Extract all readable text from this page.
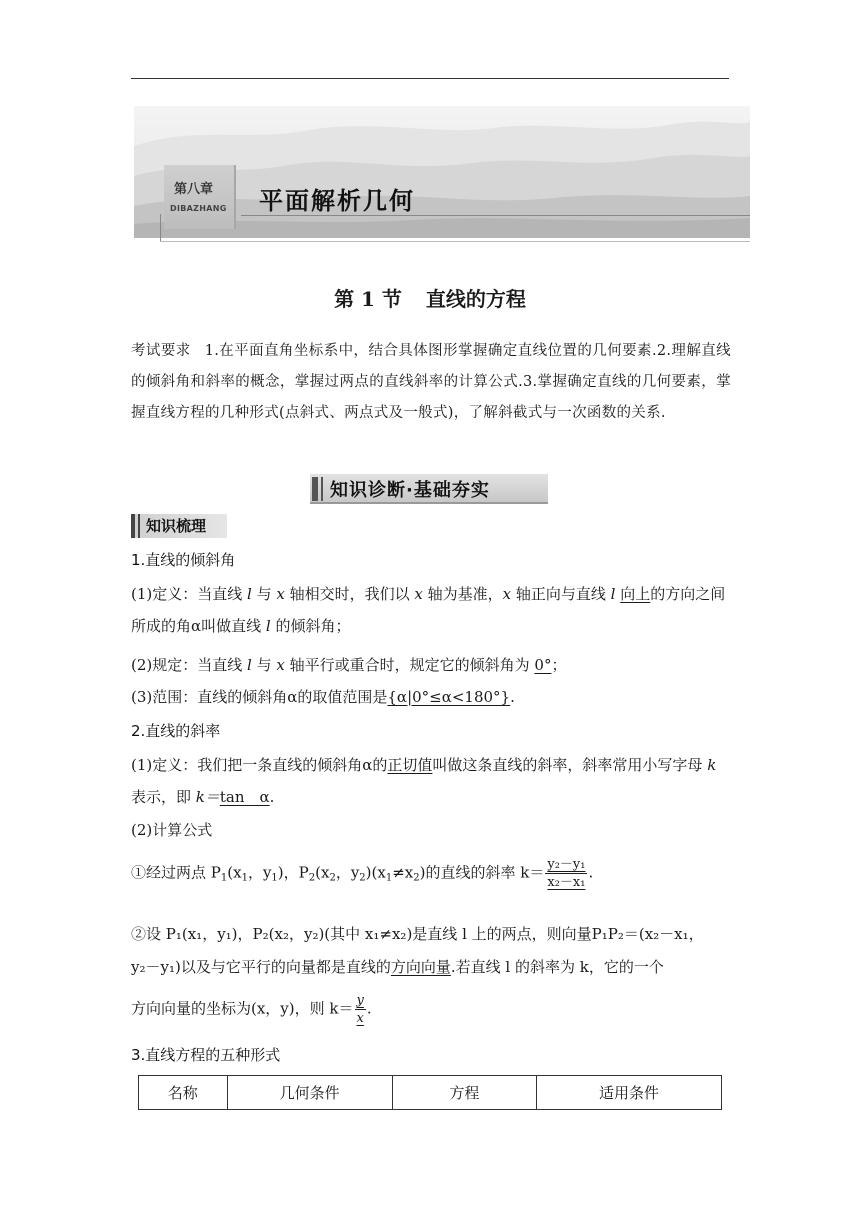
第八章
DIBAZHANG 平面解析几何
第 1 节 直线的方程
考试要求 1.在平面直角坐标系中，结合具体图形掌握确定直线位置的几何要素.2.理解直线的倾斜角和斜率的概念，掌握过两点的直线斜率的计算公式.3.掌握确定直线的几何要素，掌握直线方程的几种形式(点斜式、两点式及一般式)，了解斜截式与一次函数的关系.
知识诊断·基础夯实
知识梳理
1.直线的倾斜角
(1)定义：当直线 l 与 x 轴相交时，我们以 x 轴为基准，x 轴正向与直线 l 向上的方向之间所成的角α叫做直线 l 的倾斜角；
(2)规定：当直线 l 与 x 轴平行或重合时，规定它的倾斜角为 0°；
(3)范围：直线的倾斜角α的取值范围是{α|0°≤α<180°}.
2.直线的斜率
(1)定义：我们把一条直线的倾斜角α的正切值叫做这条直线的斜率，斜率常用小写字母 k 表示，即 k＝tan　α.
(2)计算公式
①经过两点 $P_1(x_1$，$y_1$)，$P_2(x_2$，$y_2)(x_1\ne x_2)$的直线的斜率 $k= \frac{\text{y₂－y₁}}{\text{x₂－x₁}}$ .
②设 P₁(x₁，y₁)，P₂(x₂，y₂)(其中 x₁≠x₂)是直线 l 上的两点，则向量P₁P₂＝(x₂－x₁，
y₂－y₁)以及与它平行的向量都是直线的方向向量.若直线 l 的斜率为 k，它的一个
方向向量的坐标为(x，y)，则 $k= \frac{y}{x}$ .
3.直线方程的五种形式
名称	几何条件	方程	适用条件
